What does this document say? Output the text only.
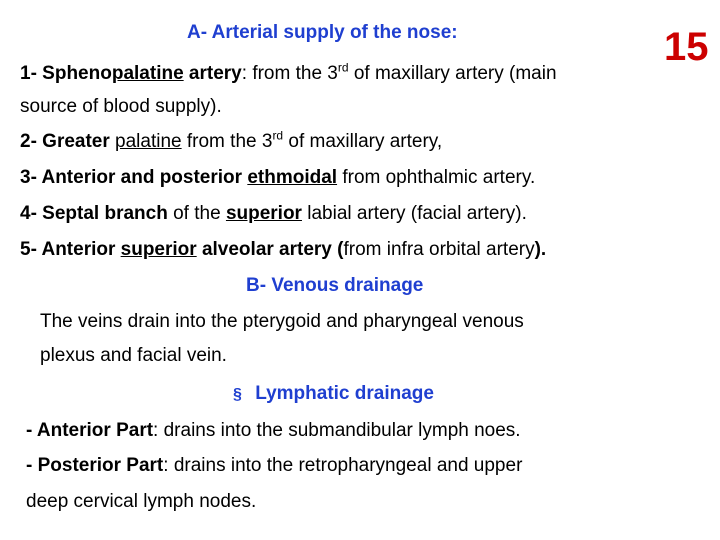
A- Arterial supply of the nose:	15
1- Sphenopalatine artery: from the 3rd of maxillary artery (main
source of blood supply).
2- Greater palatine from the 3rd of maxillary artery,
3- Anterior and posterior ethmoidal from ophthalmic artery.
4- Septal branch of the superior labial artery (facial artery).
5- Anterior superior alveolar artery (from infra orbital artery).
B- Venous drainage
The veins drain into the pterygoid and pharyngeal venous
plexus and facial vein.
§ Lymphatic drainage
- Anterior Part: drains into the submandibular lymph noes.
- Posterior Part: drains into the retropharyngeal and upper
deep cervical lymph nodes.
